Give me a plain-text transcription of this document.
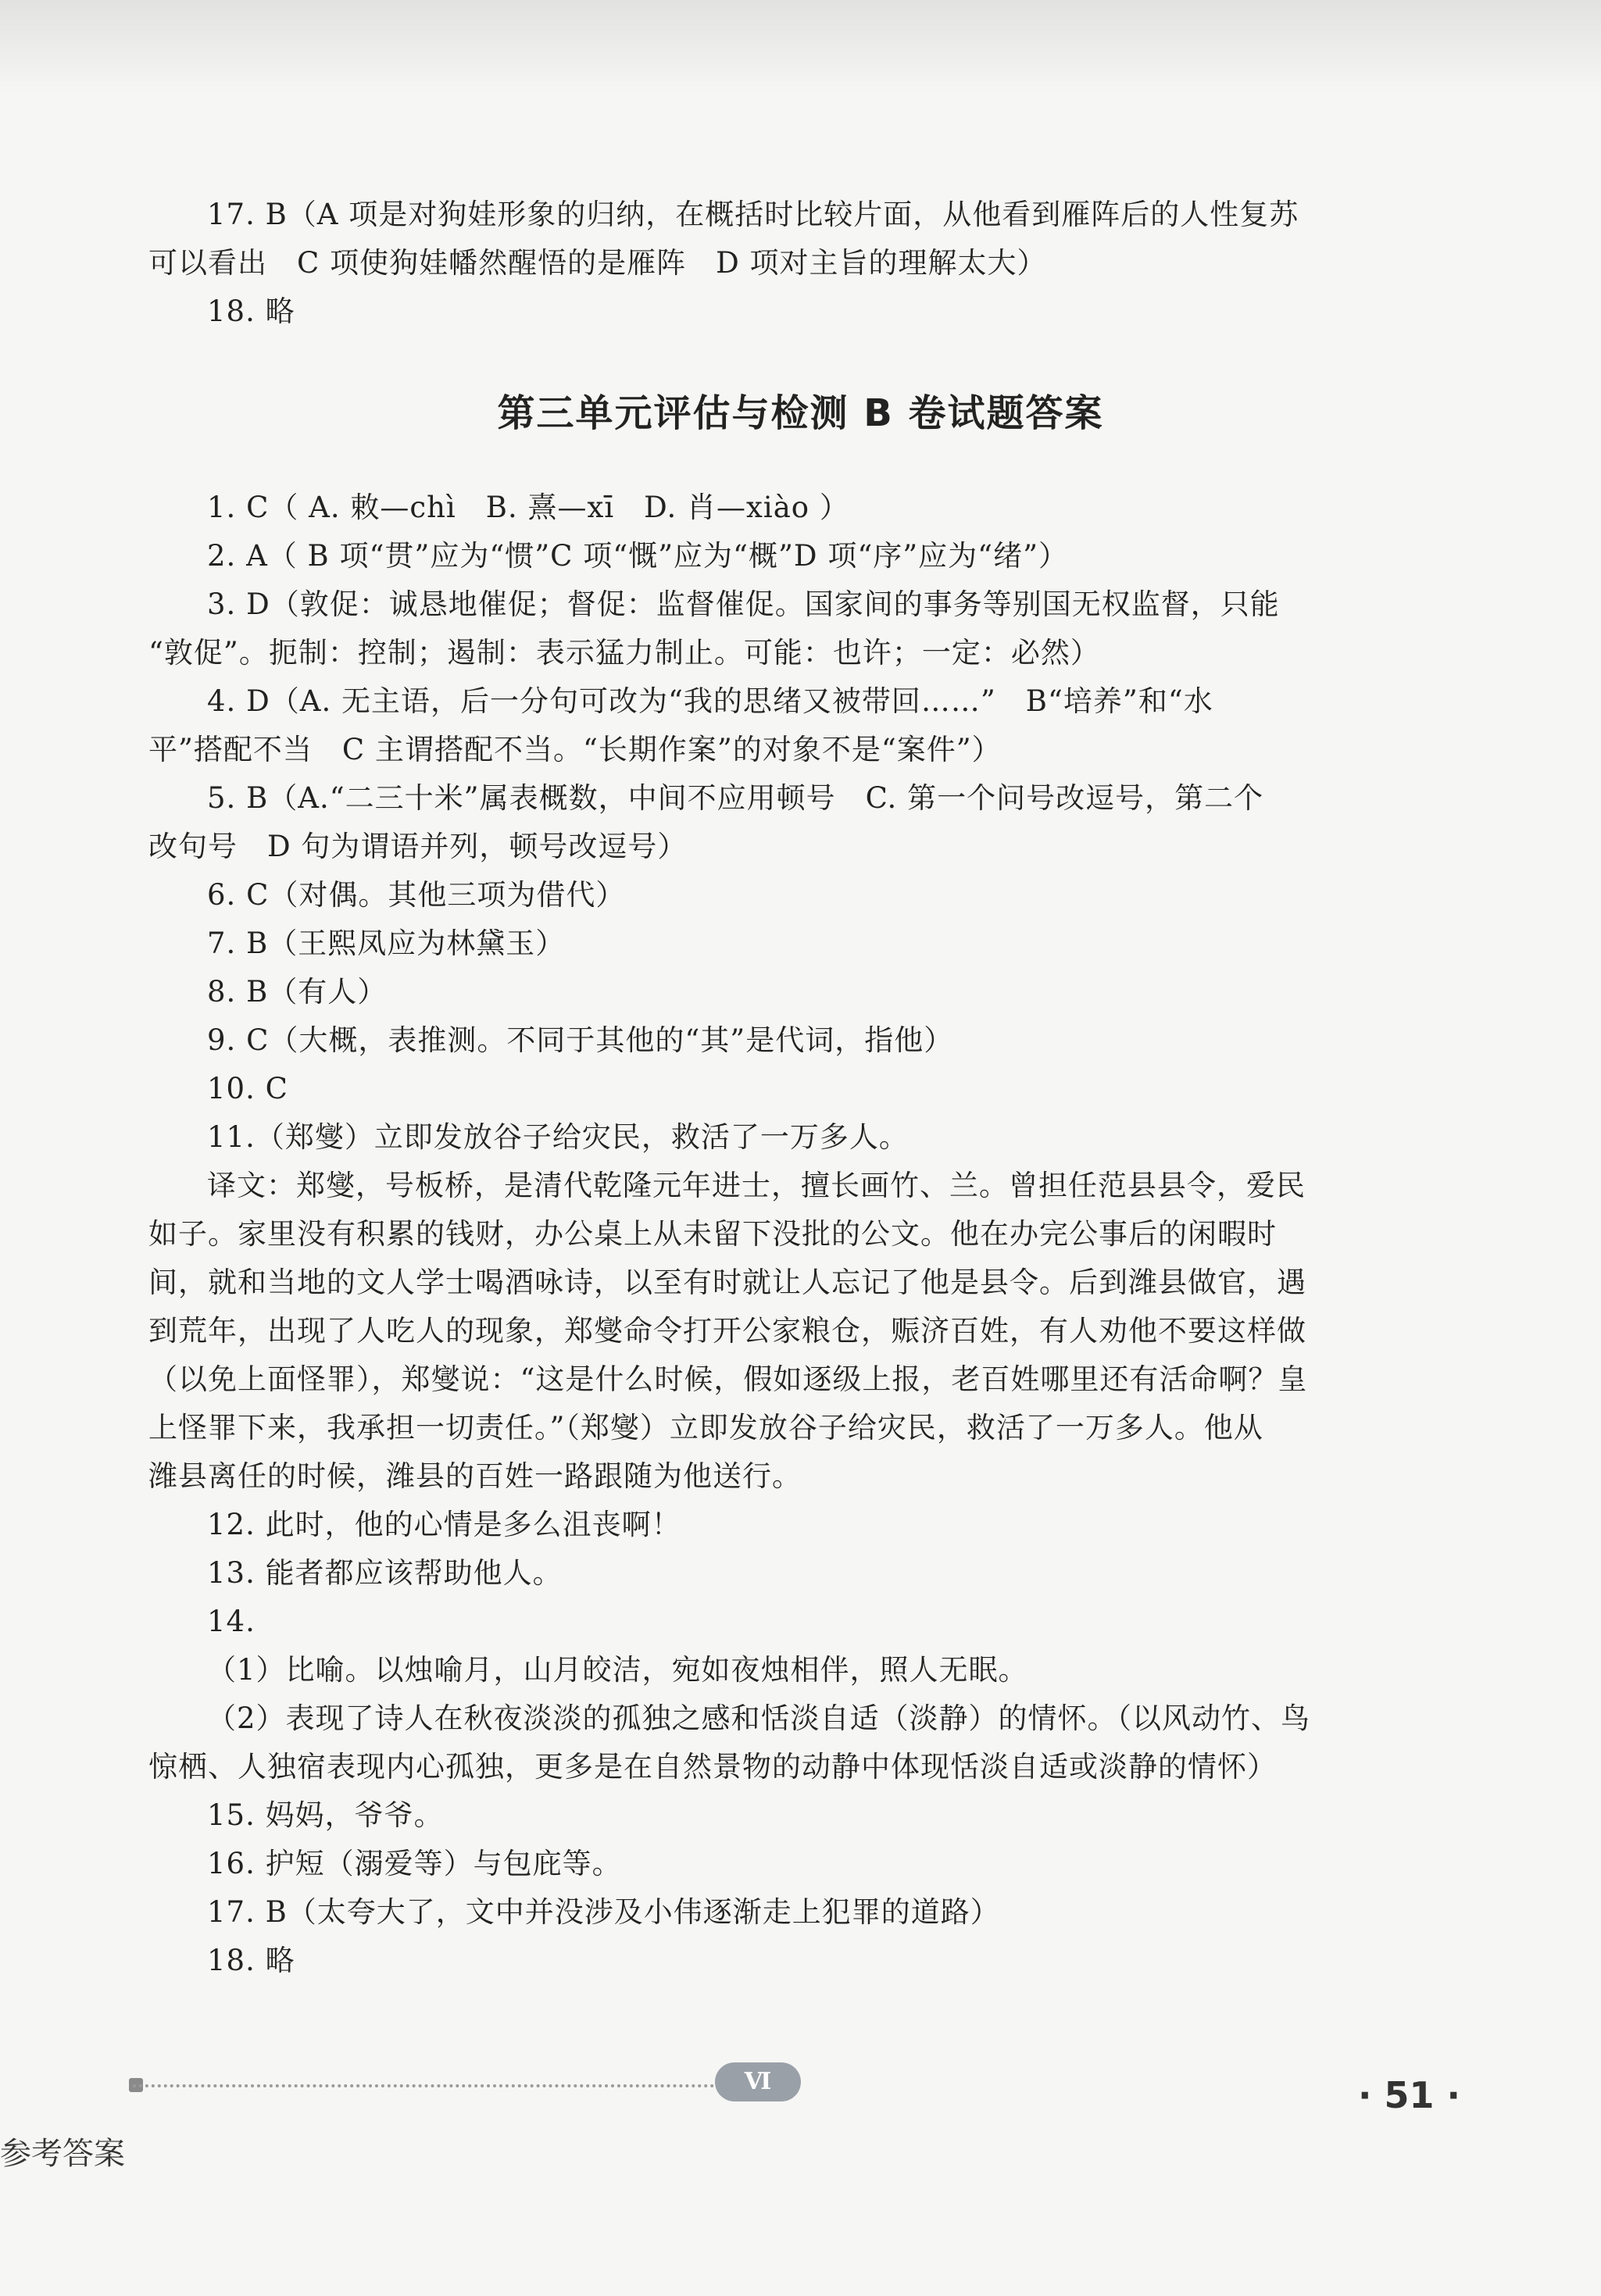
17. B（A 项是对狗娃形象的归纳，在概括时比较片面，从他看到雁阵后的人性复苏
可以看出　C 项使狗娃幡然醒悟的是雁阵　D 项对主旨的理解太大）
18. 略
第三单元评估与检测 B 卷试题答案
1. C（ A. 敕—chì　B. 熹—xī　D. 肖—xiào ）
2. A（ B 项“贯”应为“惯”C 项“慨”应为“概”D 项“序”应为“绪”）
3. D（敦促：诚恳地催促；督促：监督催促。国家间的事务等别国无权监督，只能
“敦促”。扼制：控制；遏制：表示猛力制止。可能：也许；一定：必然）
4. D（A. 无主语，后一分句可改为“我的思绪又被带回……”　B“培养”和“水
平”搭配不当　C 主谓搭配不当。“长期作案”的对象不是“案件”）
5. B（A.“二三十米”属表概数，中间不应用顿号　C. 第一个问号改逗号，第二个
改句号　D 句为谓语并列，顿号改逗号）
6. C（对偶。其他三项为借代）
7. B（王熙凤应为林黛玉）
8. B（有人）
9. C（大概，表推测。不同于其他的“其”是代词，指他）
10. C
11.（郑燮）立即发放谷子给灾民，救活了一万多人。
译文：郑燮，号板桥，是清代乾隆元年进士，擅长画竹、兰。曾担任范县县令，爱民
如子。家里没有积累的钱财，办公桌上从未留下没批的公文。他在办完公事后的闲暇时
间，就和当地的文人学士喝酒咏诗，以至有时就让人忘记了他是县令。后到潍县做官，遇
到荒年，出现了人吃人的现象，郑燮命令打开公家粮仓，赈济百姓，有人劝他不要这样做
（以免上面怪罪），郑燮说：“这是什么时候，假如逐级上报，老百姓哪里还有活命啊？皇
上怪罪下来，我承担一切责任。”（郑燮）立即发放谷子给灾民，救活了一万多人。他从
潍县离任的时候，潍县的百姓一路跟随为他送行。
12. 此时，他的心情是多么沮丧啊！
13. 能者都应该帮助他人。
14.
（1）比喻。以烛喻月，山月皎洁，宛如夜烛相伴，照人无眠。
（2）表现了诗人在秋夜淡淡的孤独之感和恬淡自适（淡静）的情怀。（以风动竹、鸟
惊栖、人独宿表现内心孤独，更多是在自然景物的动静中体现恬淡自适或淡静的情怀）
15. 妈妈，爷爷。
16. 护短（溺爱等）与包庇等。
17. B（太夸大了，文中并没涉及小伟逐渐走上犯罪的道路）
18. 略
Ⅵ	· 51 ·
参考答案
